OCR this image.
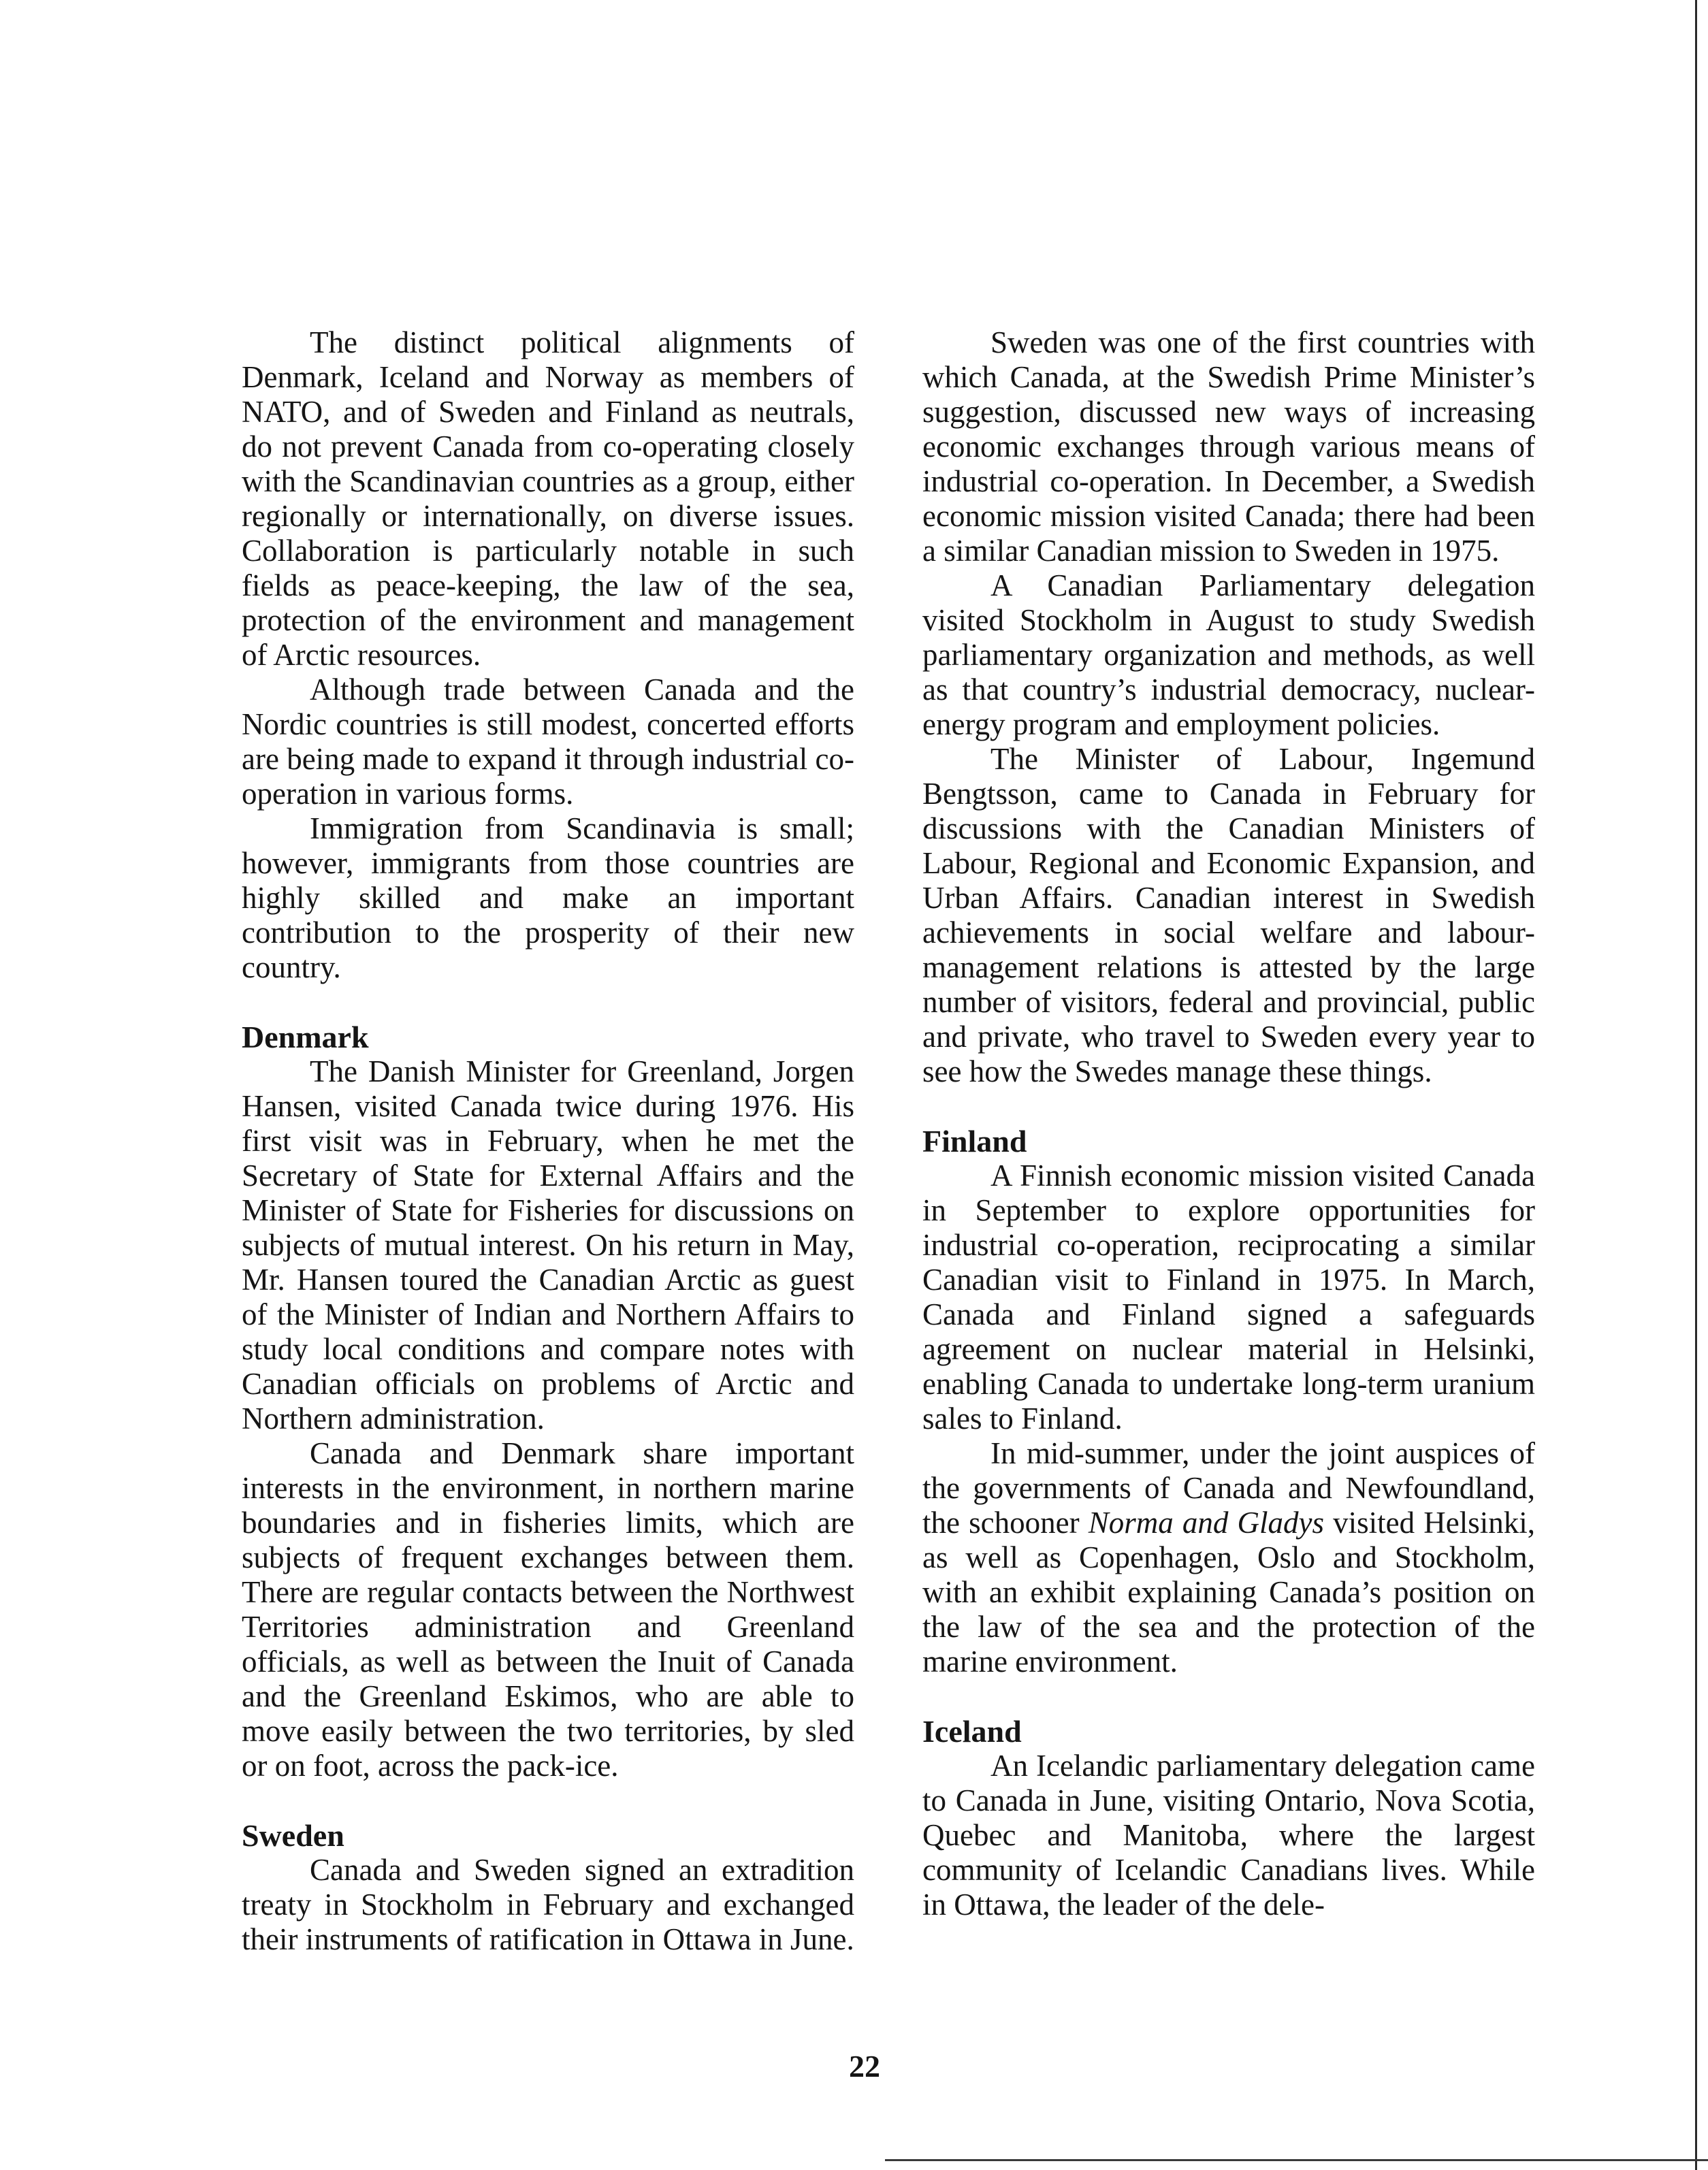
The distinct political alignments of Denmark, Iceland and Norway as members of NATO, and of Sweden and Finland as neutrals, do not prevent Canada from co-operating closely with the Scandinavian countries as a group, either regionally or internationally, on diverse issues. Collaboration is particularly notable in such fields as peace-keeping, the law of the sea, protection of the environment and management of Arctic resources.

Although trade between Canada and the Nordic countries is still modest, concerted efforts are being made to expand it through industrial co-operation in various forms.

Immigration from Scandinavia is small; however, immigrants from those countries are highly skilled and make an important contribution to the prosperity of their new country.

Denmark

The Danish Minister for Greenland, Jorgen Hansen, visited Canada twice during 1976. His first visit was in February, when he met the Secretary of State for External Affairs and the Minister of State for Fisheries for discussions on subjects of mutual interest. On his return in May, Mr. Hansen toured the Canadian Arctic as guest of the Minister of Indian and Northern Affairs to study local conditions and compare notes with Canadian officials on problems of Arctic and Northern administration.

Canada and Denmark share important interests in the environment, in northern marine boundaries and in fisheries limits, which are subjects of frequent exchanges between them. There are regular contacts between the Northwest Territories administration and Greenland officials, as well as between the Inuit of Canada and the Greenland Eskimos, who are able to move easily between the two territories, by sled or on foot, across the pack-ice.

Sweden

Canada and Sweden signed an extradition treaty in Stockholm in February and exchanged their instruments of ratification in Ottawa in June.

Sweden was one of the first countries with which Canada, at the Swedish Prime Minister’s suggestion, discussed new ways of increasing economic exchanges through various means of industrial co-operation. In December, a Swedish economic mission visited Canada; there had been a similar Canadian mission to Sweden in 1975.

A Canadian Parliamentary delegation visited Stockholm in August to study Swedish parliamentary organization and methods, as well as that country’s industrial democracy, nuclear-energy program and employment policies.

The Minister of Labour, Ingemund Bengtsson, came to Canada in February for discussions with the Canadian Ministers of Labour, Regional and Economic Expansion, and Urban Affairs. Canadian interest in Swedish achievements in social welfare and labour-management relations is attested by the large number of visitors, federal and provincial, public and private, who travel to Sweden every year to see how the Swedes manage these things.

Finland

A Finnish economic mission visited Canada in September to explore opportunities for industrial co-operation, reciprocating a similar Canadian visit to Finland in 1975. In March, Canada and Finland signed a safeguards agreement on nuclear material in Helsinki, enabling Canada to undertake long-term uranium sales to Finland.

In mid-summer, under the joint auspices of the governments of Canada and Newfoundland, the schooner Norma and Gladys visited Helsinki, as well as Copenhagen, Oslo and Stockholm, with an exhibit explaining Canada’s position on the law of the sea and the protection of the marine environment.

Iceland

An Icelandic parliamentary delegation came to Canada in June, visiting Ontario, Nova Scotia, Quebec and Manitoba, where the largest community of Icelandic Canadians lives. While in Ottawa, the leader of the dele-

22
